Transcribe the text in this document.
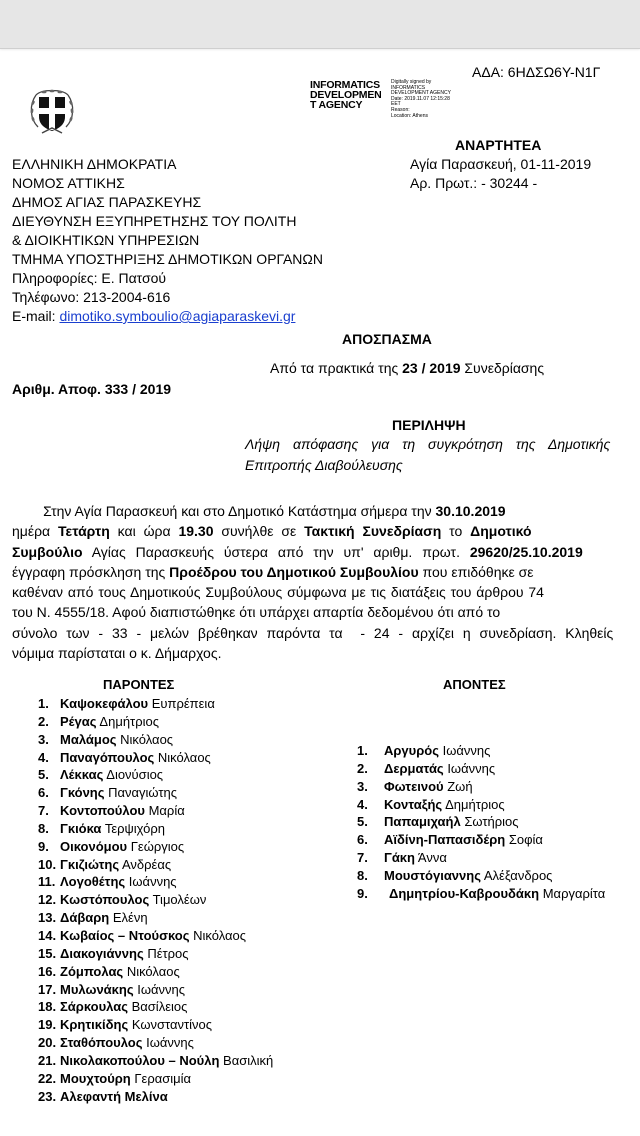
ΑΔΑ: 6ΗΔΣΩ6Υ-Ν1Γ
INFORMATICS
DEVELOPMEN
T AGENCY
Digitally signed by
INFORMATICS
DEVELOPMENT AGENCY
Date: 2019.11.07 12:15:28
EET
Reason:
Location: Athens
ΑΝΑΡΤΗΤΕΑ
Αγία Παρασκευή, 01-11-2019
Αρ. Πρωτ.: - 30244 -
ΕΛΛΗΝΙΚΗ ΔΗΜΟΚΡΑΤΙΑ
ΝΟΜΟΣ ΑΤΤΙΚΗΣ
ΔΗΜΟΣ ΑΓΙΑΣ ΠΑΡΑΣΚΕΥΗΣ
ΔΙΕΥΘΥΝΣΗ ΕΞΥΠΗΡΕΤΗΣΗΣ ΤΟΥ ΠΟΛΙΤΗ
& ΔΙΟΙΚΗΤΙΚΩΝ ΥΠΗΡΕΣΙΩΝ
ΤΜΗΜΑ ΥΠΟΣΤΗΡΙΞΗΣ ΔΗΜΟΤΙΚΩΝ ΟΡΓΑΝΩΝ
Πληροφορίες: Ε. Πατσού
Τηλέφωνο: 213-2004-616
E-mail: dimotiko.symboulio@agiaparaskevi.gr
ΑΠΟΣΠΑΣΜΑ
Από τα πρακτικά της 23 / 2019 Συνεδρίασης
Αριθμ. Αποφ. 333 / 2019
ΠΕΡΙΛΗΨΗ
Λήψη απόφασης για τη συγκρότηση της Δημοτικής
Επιτροπής Διαβούλευσης
Στην Αγία Παρασκευή και στο Δημοτικό Κατάστημα σήμερα την 30.10.2019
ημέρα Τετάρτη και ώρα 19.30 συνήλθε σε Τακτική Συνεδρίαση το Δημοτικό
Συμβούλιο Αγίας Παρασκευής ύστερα από την υπ' αριθμ. πρωτ. 29620/25.10.2019
έγγραφη πρόσκληση της Προέδρου του Δημοτικού Συμβουλίου που επιδόθηκε σε
καθέναν από τους Δημοτικούς Συμβούλους σύμφωνα με τις διατάξεις του άρθρου 74
του Ν. 4555/18. Αφού διαπιστώθηκε ότι υπάρχει απαρτία δεδομένου ότι από το
σύνολο των - 33 - μελών βρέθηκαν παρόντα τα  - 24 - αρχίζει η συνεδρίαση. Κληθείς
νόμιμα παρίσταται ο κ. Δήμαρχος.
ΠΑΡΟΝΤΕΣ	ΑΠΟΝΤΕΣ
1. Καψοκεφάλου Ευπρέπεια
2. Ρέγας Δημήτριος
3. Μαλάμος Νικόλαος
4. Παναγόπουλος Νικόλαος
5. Λέκκας Διονύσιος
6. Γκόνης Παναγιώτης
7. Κοντοπούλου Μαρία
8. Γκιόκα Τερψιχόρη
9. Οικονόμου Γεώργιος
10. Γκιζιώτης Ανδρέας
11. Λογοθέτης Ιωάννης
12. Κωστόπουλος Τιμολέων
13. Δάβαρη Ελένη
14. Κωβαίος – Ντούσκος Νικόλαος
15. Διακογιάννης Πέτρος
16. Ζόμπολας Νικόλαος
17. Μυλωνάκης Ιωάννης
18. Σάρκουλας Βασίλειος
19. Κρητικίδης Κωνσταντίνος
20. Σταθόπουλος Ιωάννης
21. Νικολακοπούλου – Νούλη Βασιλική
22. Μουχτούρη Γερασιμία
23. Αλεφαντή Μελίνα
1. Αργυρός Ιωάννης
2. Δερματάς Ιωάννης
3. Φωτεινού Ζωή
4. Κονταξής Δημήτριος
5. Παπαμιχαήλ Σωτήριος
6. Αϊδίνη-Παπασιδέρη Σοφία
7. Γάκη Άννα
8. Μουστόγιαννης Αλέξανδρος
9. Δημητρίου-Καβρουδάκη Μαργαρίτα
